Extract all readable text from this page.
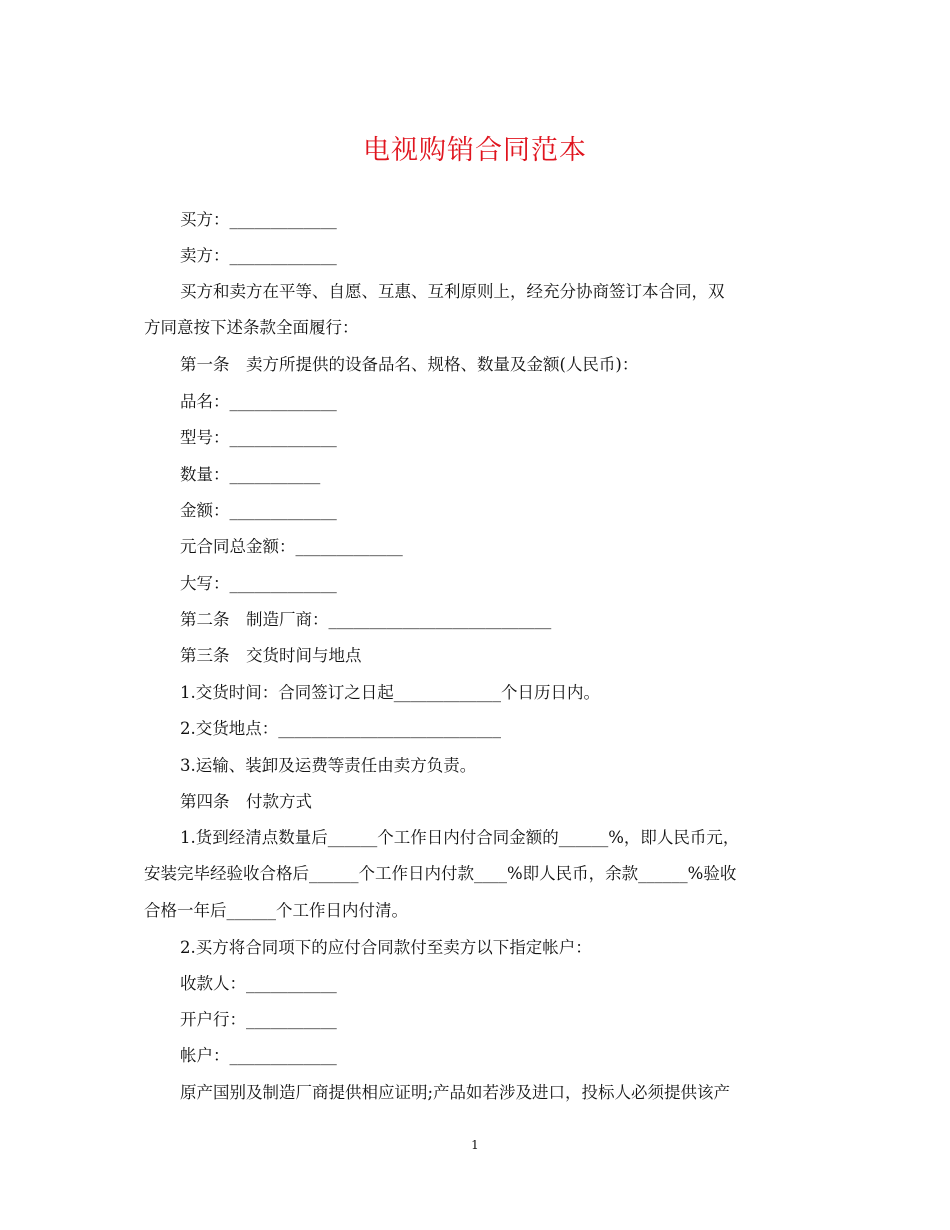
电视购销合同范本
买方：_____________
卖方：_____________
买方和卖方在平等、自愿、互惠、互利原则上，经充分协商签订本合同，双
方同意按下述条款全面履行：
第一条　卖方所提供的设备品名、规格、数量及金额(人民币)：
品名：_____________
型号：_____________
数量：___________
金额：_____________
元合同总金额：_____________
大写：_____________
第二条　制造厂商：___________________________
第三条　交货时间与地点
1.交货时间：合同签订之日起_____________个日历日内。
2.交货地点：___________________________
3.运输、装卸及运费等责任由卖方负责。
第四条　付款方式
1.货到经清点数量后______个工作日内付合同金额的______%，即人民币元，
安装完毕经验收合格后______个工作日内付款____%即人民币，余款______%验收
合格一年后______个工作日内付清。
2.买方将合同项下的应付合同款付至卖方以下指定帐户：
收款人：___________
开户行：___________
帐户：_____________
原产国别及制造厂商提供相应证明;产品如若涉及进口，投标人必须提供该产
1
